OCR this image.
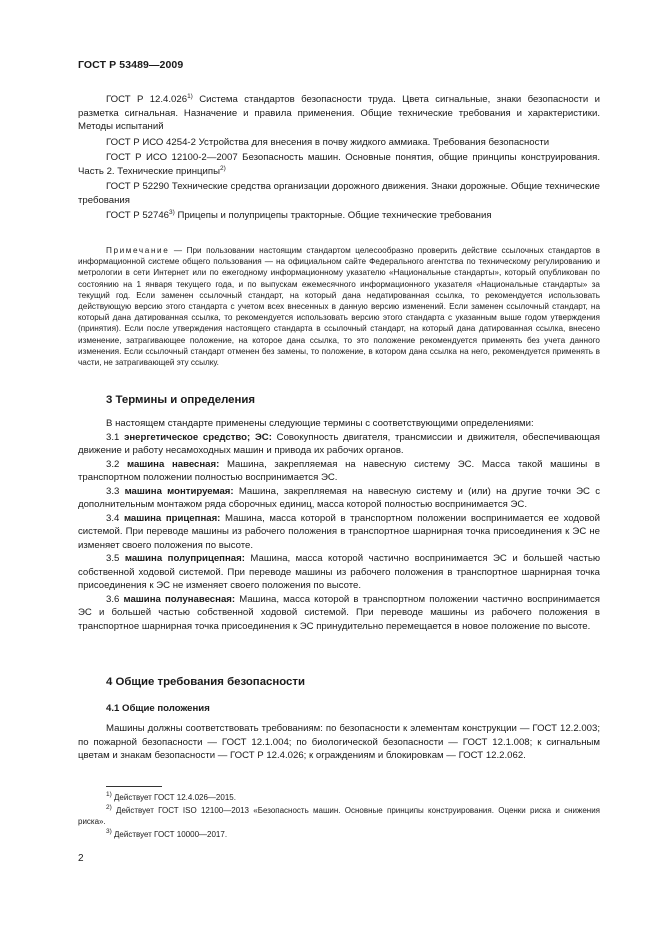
ГОСТ Р 53489—2009

ГОСТ Р 12.4.026$^{1)}$ Система стандартов безопасности труда. Цвета сигнальные, знаки безопасности и разметка сигнальная. Назначение и правила применения. Общие технические требования и характеристики. Методы испытаний

ГОСТ Р ИСО 4254-2 Устройства для внесения в почву жидкого аммиака. Требования безопасности

ГОСТ Р ИСО 12100-2—2007 Безопасность машин. Основные понятия, общие принципы конструирования. Часть 2. Технические принципы$^{2)}$

ГОСТ Р 52290 Технические средства организации дорожного движения. Знаки дорожные. Общие технические требования

ГОСТ Р 52746$^{3)}$ Прицепы и полуприцепы тракторные. Общие технические требования

Примечание — При пользовании настоящим стандартом целесообразно проверить действие ссылочных стандартов в информационной системе общего пользования — на официальном сайте Федерального агентства по техническому регулированию и метрологии в сети Интернет или по ежегодному информационному указателю «Национальные стандарты», который опубликован по состоянию на 1 января текущего года, и по выпускам ежемесячного информационного указателя «Национальные стандарты» за текущий год. Если заменен ссылочный стандарт, на который дана недатированная ссылка, то рекомендуется использовать действующую версию этого стандарта с учетом всех внесенных в данную версию изменений. Если заменен ссылочный стандарт, на который дана датированная ссылка, то рекомендуется использовать версию этого стандарта с указанным выше годом утверждения (принятия). Если после утверждения настоящего стандарта в ссылочный стандарт, на который дана датированная ссылка, внесено изменение, затрагивающее положение, на которое дана ссылка, то это положение рекомендуется применять без учета данного изменения. Если ссылочный стандарт отменен без замены, то положение, в котором дана ссылка на него, рекомендуется применять в части, не затрагивающей эту ссылку.

3 Термины и определения

В настоящем стандарте применены следующие термины с соответствующими определениями:

3.1 энергетическое средство; ЭС: Совокупность двигателя, трансмиссии и движителя, обеспечивающая движение и работу несамоходных машин и привода их рабочих органов.

3.2 машина навесная: Машина, закрепляемая на навесную систему ЭС. Масса такой машины в транспортном положении полностью воспринимается ЭС.

3.3 машина монтируемая: Машина, закрепляемая на навесную систему и (или) на другие точки ЭС с дополнительным монтажом ряда сборочных единиц, масса которой полностью воспринимается ЭС.

3.4 машина прицепная: Машина, масса которой в транспортном положении воспринимается ее ходовой системой. При переводе машины из рабочего положения в транспортное шарнирная точка присоединения к ЭС не изменяет своего положения по высоте.

3.5 машина полуприцепная: Машина, масса которой частично воспринимается ЭС и большей частью собственной ходовой системой. При переводе машины из рабочего положения в транспортное шарнирная точка присоединения к ЭС не изменяет своего положения по высоте.

3.6 машина полунавесная: Машина, масса которой в транспортном положении частично воспринимается ЭС и большей частью собственной ходовой системой. При переводе машины из рабочего положения в транспортное шарнирная точка присоединения к ЭС принудительно перемещается в новое положение по высоте.

4 Общие требования безопасности

4.1 Общие положения

Машины должны соответствовать требованиям: по безопасности к элементам конструкции — ГОСТ 12.2.003; по пожарной безопасности — ГОСТ 12.1.004; по биологической безопасности — ГОСТ 12.1.008; к сигнальным цветам и знакам безопасности — ГОСТ Р 12.4.026; к ограждениям и блокировкам — ГОСТ 12.2.062.

$^{1)}$ Действует ГОСТ 12.4.026—2015.

$^{2)}$ Действует ГОСТ ISO 12100—2013 «Безопасность машин. Основные принципы конструирования. Оценки риска и снижения риска».

$^{3)}$ Действует ГОСТ 10000—2017.

2
